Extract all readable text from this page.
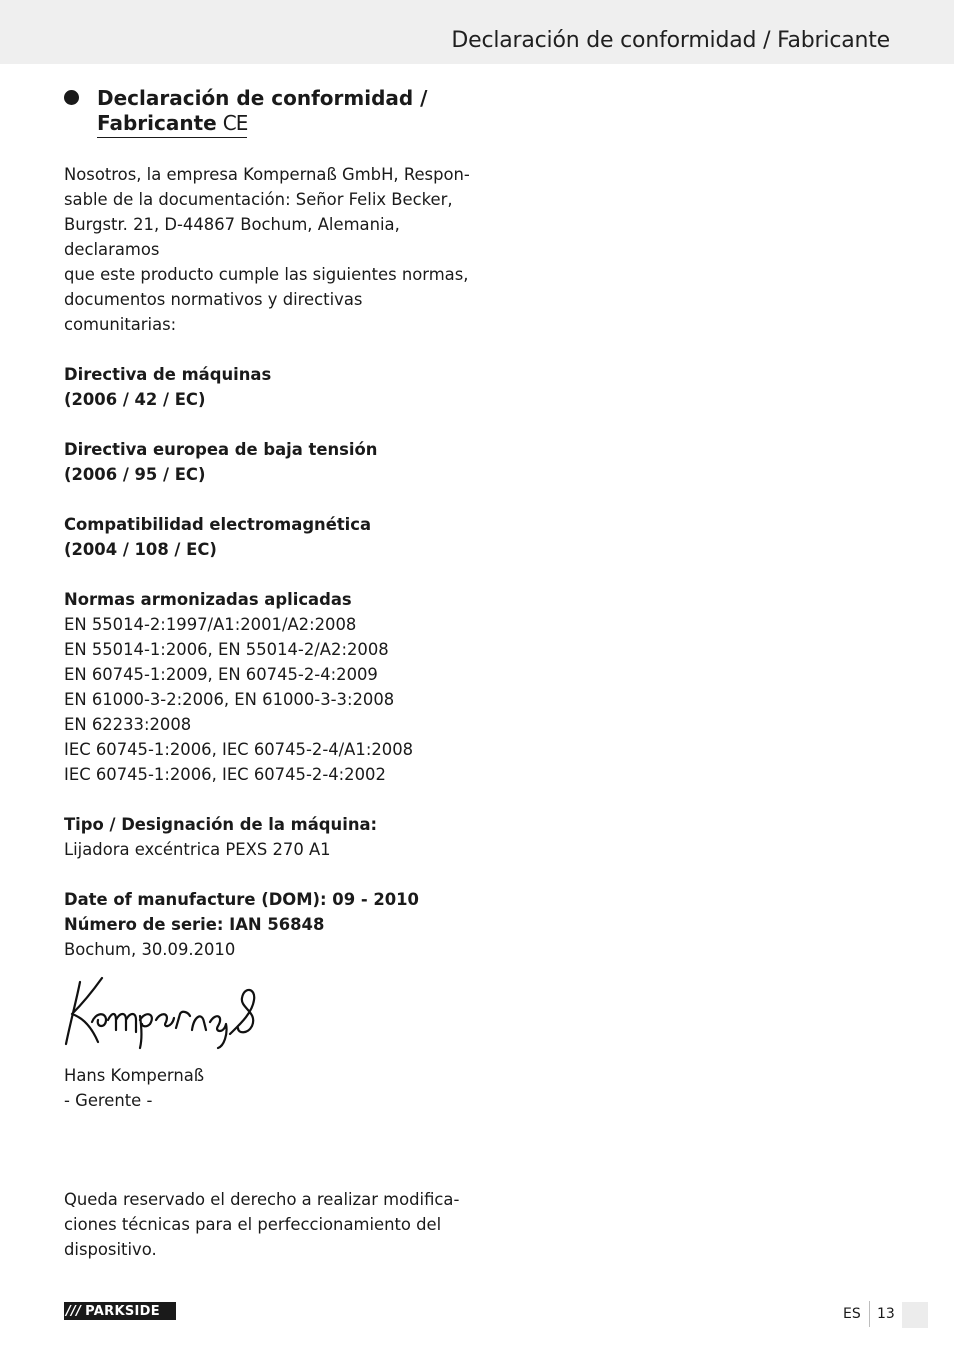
Declaración de conformidad / Fabricante
Declaración de conformidad /
Fabricante CE

Nosotros, la empresa Kompernaß GmbH, Respon-

sable de la documentación: Señor Felix Becker,

Burgstr. 21, D-44867 Bochum, Alemania, declaramos

que este producto cumple las siguientes normas,

documentos normativos y directivas comunitarias:

Directiva de máquinas

(2006 / 42 / EC)

Directiva europea de baja tensión

(2006 / 95 / EC)

Compatibilidad electromagnética

(2004 / 108 / EC)

Normas armonizadas aplicadas

EN 55014-2:1997/A1:2001/A2:2008

EN 55014-1:2006, EN 55014-2/A2:2008

EN 60745-1:2009, EN 60745-2-4:2009

EN 61000-3-2:2006, EN 61000-3-3:2008

EN 62233:2008

IEC 60745-1:2006, IEC 60745-2-4/A1:2008

IEC 60745-1:2006, IEC 60745-2-4:2002

Tipo / Designación de la máquina:

Lijadora excéntrica PEXS 270 A1

Date of manufacture (DOM): 09 - 2010

Número de serie: IAN 56848

Bochum, 30.09.2010
Hans Kompernaß
- Gerente -
Queda reservado el derecho a realizar modifica-
ciones técnicas para el perfeccionamiento del
dispositivo.
/// PARKSIDE	ES 13
